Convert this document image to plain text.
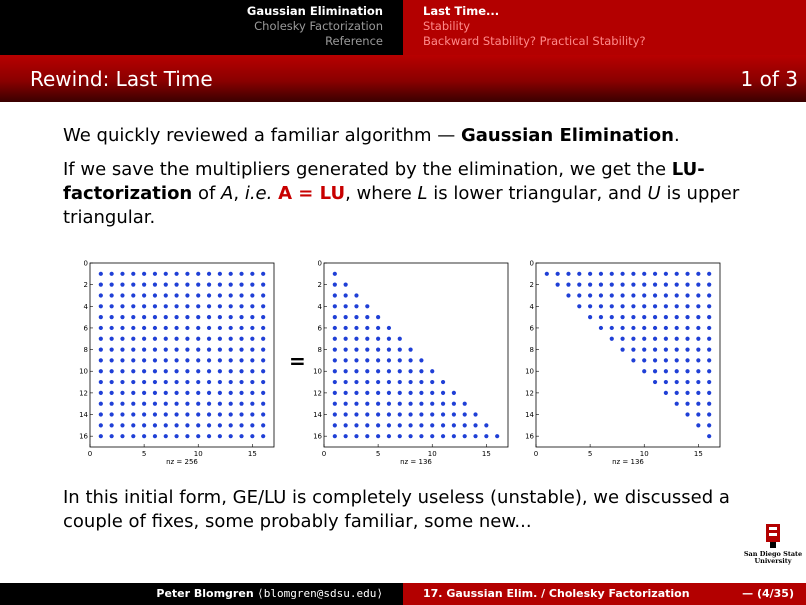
Gaussian Elimination
Cholesky Factorization
Reference
Last Time...
Stability
Backward Stability? Practical Stability?
Rewind: Last Time	1 of 3

We quickly reviewed a familiar algorithm — Gaussian Elimination.

If we save the multipliers generated by the elimination, we get the LU-factorization of A, i.e. A = LU, where L is lower triangular, and U is upper triangular.

0
2
4
6
8
10
12
14
16
0	5	10	15
nz = 256
0
2
4
6
8
10
12
14
16
0	5	10	15
nz = 136
0
2
4
6
8
10
12
14
16
0	5	10	15
nz = 136
=
In this initial form, GE/LU is completely useless (unstable), we discussed a couple of fixes, some probably familiar, some new...
San Diego State
University
Peter Blomgren ⟨blomgren@sdsu.edu⟩	17. Gaussian Elim. / Cholesky Factorization	— (4/35)
